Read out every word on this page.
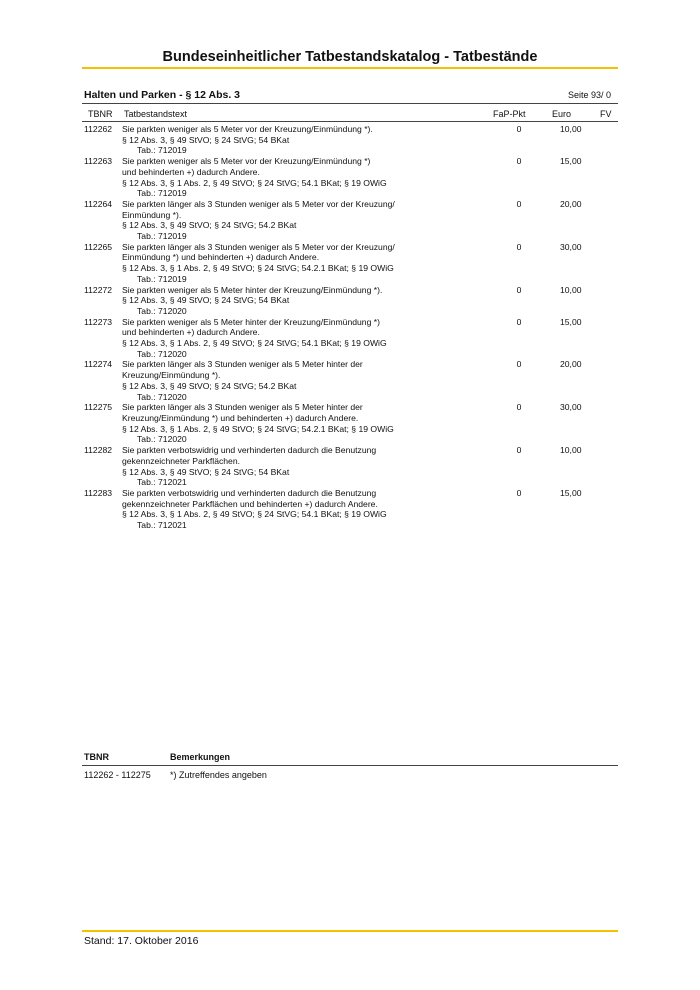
Bundeseinheitlicher Tatbestandskatalog - Tatbestände
Halten und Parken - § 12 Abs. 3	Seite 93/ 0
TBNR Tatbestandstext	FaP-Pkt	Euro	FV
112262 Sie parkten weniger als 5 Meter vor der Kreuzung/Einmündung *).
§ 12 Abs. 3, § 49 StVO; § 24 StVG; 54 BKat
Tab.: 712019
0	10,00
112263 Sie parkten weniger als 5 Meter vor der Kreuzung/Einmündung *)
und behinderten +) dadurch Andere.
§ 12 Abs. 3, § 1 Abs. 2, § 49 StVO; § 24 StVG; 54.1 BKat; § 19 OWiG
Tab.: 712019
0	15,00
112264 Sie parkten länger als 3 Stunden weniger als 5 Meter vor der Kreuzung/
Einmündung *).
§ 12 Abs. 3, § 49 StVO; § 24 StVG; 54.2 BKat
Tab.: 712019
0	20,00
112265 Sie parkten länger als 3 Stunden weniger als 5 Meter vor der Kreuzung/
Einmündung *) und behinderten +) dadurch Andere.
§ 12 Abs. 3, § 1 Abs. 2, § 49 StVO; § 24 StVG; 54.2.1 BKat; § 19 OWiG
Tab.: 712019
0	30,00
112272 Sie parkten weniger als 5 Meter hinter der Kreuzung/Einmündung *).
§ 12 Abs. 3, § 49 StVO; § 24 StVG; 54 BKat
Tab.: 712020
0	10,00
112273 Sie parkten weniger als 5 Meter hinter der Kreuzung/Einmündung *)
und behinderten +) dadurch Andere.
§ 12 Abs. 3, § 1 Abs. 2, § 49 StVO; § 24 StVG; 54.1 BKat; § 19 OWiG
Tab.: 712020
0	15,00
112274 Sie parkten länger als 3 Stunden weniger als 5 Meter hinter der
Kreuzung/Einmündung *).
§ 12 Abs. 3, § 49 StVO; § 24 StVG; 54.2 BKat
Tab.: 712020
0	20,00
112275 Sie parkten länger als 3 Stunden weniger als 5 Meter hinter der
Kreuzung/Einmündung *) und behinderten +) dadurch Andere.
§ 12 Abs. 3, § 1 Abs. 2, § 49 StVO; § 24 StVG; 54.2.1 BKat; § 19 OWiG
Tab.: 712020
0	30,00
112282 Sie parkten verbotswidrig und verhinderten dadurch die Benutzung
gekennzeichneter Parkflächen.
§ 12 Abs. 3, § 49 StVO; § 24 StVG; 54 BKat
Tab.: 712021
0	10,00
112283 Sie parkten verbotswidrig und verhinderten dadurch die Benutzung
gekennzeichneter Parkflächen und behinderten +) dadurch Andere.
§ 12 Abs. 3, § 1 Abs. 2, § 49 StVO; § 24 StVG; 54.1 BKat; § 19 OWiG
Tab.: 712021
0	15,00
TBNR	Bemerkungen
112262 - 112275 *) Zutreffendes angeben
Stand: 17. Oktober 2016
